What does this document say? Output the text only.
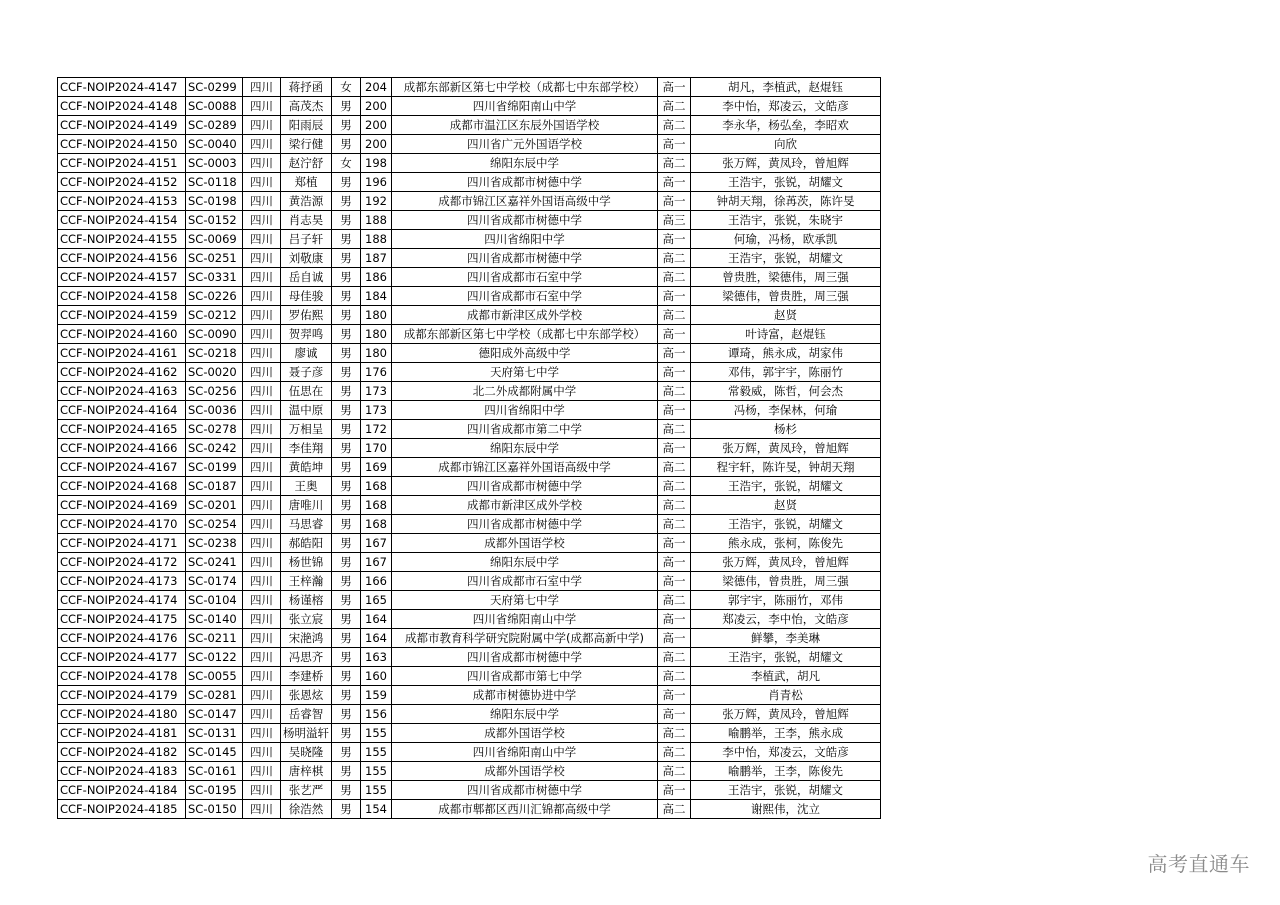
CCF-NOIP2024-4147	SC-0299	四川	蒋抒函	女	204	成都东部新区第七中学校（成都七中东部学校）	高一	胡凡，李植武，赵焜钰
CCF-NOIP2024-4148	SC-0088	四川	高茂杰	男	200	四川省绵阳南山中学	高二	李中怡，郑凌云，文皓彦
CCF-NOIP2024-4149	SC-0289	四川	阳雨辰	男	200	成都市温江区东辰外国语学校	高二	李永华，杨弘垒，李昭欢
CCF-NOIP2024-4150	SC-0040	四川	梁行健	男	200	四川省广元外国语学校	高一	向欣
CCF-NOIP2024-4151	SC-0003	四川	赵泞舒	女	198	绵阳东辰中学	高二	张万辉，黄凤玲，曾旭辉
CCF-NOIP2024-4152	SC-0118	四川	郑植	男	196	四川省成都市树德中学	高一	王浩宇，张锐，胡耀文
CCF-NOIP2024-4153	SC-0198	四川	黄浩源	男	192	成都市锦江区嘉祥外国语高级中学	高一	钟胡天翔，徐苒茨，陈许旻
CCF-NOIP2024-4154	SC-0152	四川	肖志昊	男	188	四川省成都市树德中学	高三	王浩宇，张锐，朱晓宇
CCF-NOIP2024-4155	SC-0069	四川	吕子轩	男	188	四川省绵阳中学	高一	何瑜，冯杨，欧承凯
CCF-NOIP2024-4156	SC-0251	四川	刘敬康	男	187	四川省成都市树德中学	高二	王浩宇，张锐，胡耀文
CCF-NOIP2024-4157	SC-0331	四川	岳自诚	男	186	四川省成都市石室中学	高二	曾贵胜，梁德伟，周三强
CCF-NOIP2024-4158	SC-0226	四川	母佳骏	男	184	四川省成都市石室中学	高一	梁德伟，曾贵胜，周三强
CCF-NOIP2024-4159	SC-0212	四川	罗佑熙	男	180	成都市新津区成外学校	高二	赵贤
CCF-NOIP2024-4160	SC-0090	四川	贺羿鸣	男	180	成都东部新区第七中学校（成都七中东部学校）	高一	叶诗富，赵焜钰
CCF-NOIP2024-4161	SC-0218	四川	廖诚	男	180	德阳成外高级中学	高一	谭琦，熊永成，胡家伟
CCF-NOIP2024-4162	SC-0020	四川	聂子彦	男	176	天府第七中学	高一	邓伟，郭宇宇，陈丽竹
CCF-NOIP2024-4163	SC-0256	四川	伍思在	男	173	北二外成都附属中学	高二	常毅威，陈哲，何会杰
CCF-NOIP2024-4164	SC-0036	四川	温中原	男	173	四川省绵阳中学	高一	冯杨，李保林，何瑜
CCF-NOIP2024-4165	SC-0278	四川	万相呈	男	172	四川省成都市第二中学	高二	杨杉
CCF-NOIP2024-4166	SC-0242	四川	李佳翔	男	170	绵阳东辰中学	高一	张万辉，黄凤玲，曾旭辉
CCF-NOIP2024-4167	SC-0199	四川	黄皓坤	男	169	成都市锦江区嘉祥外国语高级中学	高二	程宇轩，陈许旻，钟胡天翔
CCF-NOIP2024-4168	SC-0187	四川	王奥	男	168	四川省成都市树德中学	高二	王浩宇，张锐，胡耀文
CCF-NOIP2024-4169	SC-0201	四川	唐唯川	男	168	成都市新津区成外学校	高二	赵贤
CCF-NOIP2024-4170	SC-0254	四川	马思睿	男	168	四川省成都市树德中学	高二	王浩宇，张锐，胡耀文
CCF-NOIP2024-4171	SC-0238	四川	郝皓阳	男	167	成都外国语学校	高一	熊永成，张柯，陈俊先
CCF-NOIP2024-4172	SC-0241	四川	杨世锦	男	167	绵阳东辰中学	高一	张万辉，黄凤玲，曾旭辉
CCF-NOIP2024-4173	SC-0174	四川	王梓瀚	男	166	四川省成都市石室中学	高一	梁德伟，曾贵胜，周三强
CCF-NOIP2024-4174	SC-0104	四川	杨谨榕	男	165	天府第七中学	高二	郭宇宇，陈丽竹，邓伟
CCF-NOIP2024-4175	SC-0140	四川	张立宸	男	164	四川省绵阳南山中学	高一	郑凌云，李中怡，文皓彦
CCF-NOIP2024-4176	SC-0211	四川	宋滟鸿	男	164	成都市教育科学研究院附属中学(成都高新中学)	高一	鲜攀，李美琳
CCF-NOIP2024-4177	SC-0122	四川	冯思齐	男	163	四川省成都市树德中学	高二	王浩宇，张锐，胡耀文
CCF-NOIP2024-4178	SC-0055	四川	李建桥	男	160	四川省成都市第七中学	高二	李植武，胡凡
CCF-NOIP2024-4179	SC-0281	四川	张恩炫	男	159	成都市树德协进中学	高一	肖青松
CCF-NOIP2024-4180	SC-0147	四川	岳睿智	男	156	绵阳东辰中学	高一	张万辉，黄凤玲，曾旭辉
CCF-NOIP2024-4181	SC-0131	四川	杨明溢轩	男	155	成都外国语学校	高二	喻鹏举，王李，熊永成
CCF-NOIP2024-4182	SC-0145	四川	吴晓隆	男	155	四川省绵阳南山中学	高二	李中怡，郑凌云，文皓彦
CCF-NOIP2024-4183	SC-0161	四川	唐梓棋	男	155	成都外国语学校	高二	喻鹏举，王李，陈俊先
CCF-NOIP2024-4184	SC-0195	四川	张艺严	男	155	四川省成都市树德中学	高一	王浩宇，张锐，胡耀文
CCF-NOIP2024-4185	SC-0150	四川	徐浩然	男	154	成都市郫都区西川汇锦都高级中学	高二	谢熙伟，沈立
高考直通车
